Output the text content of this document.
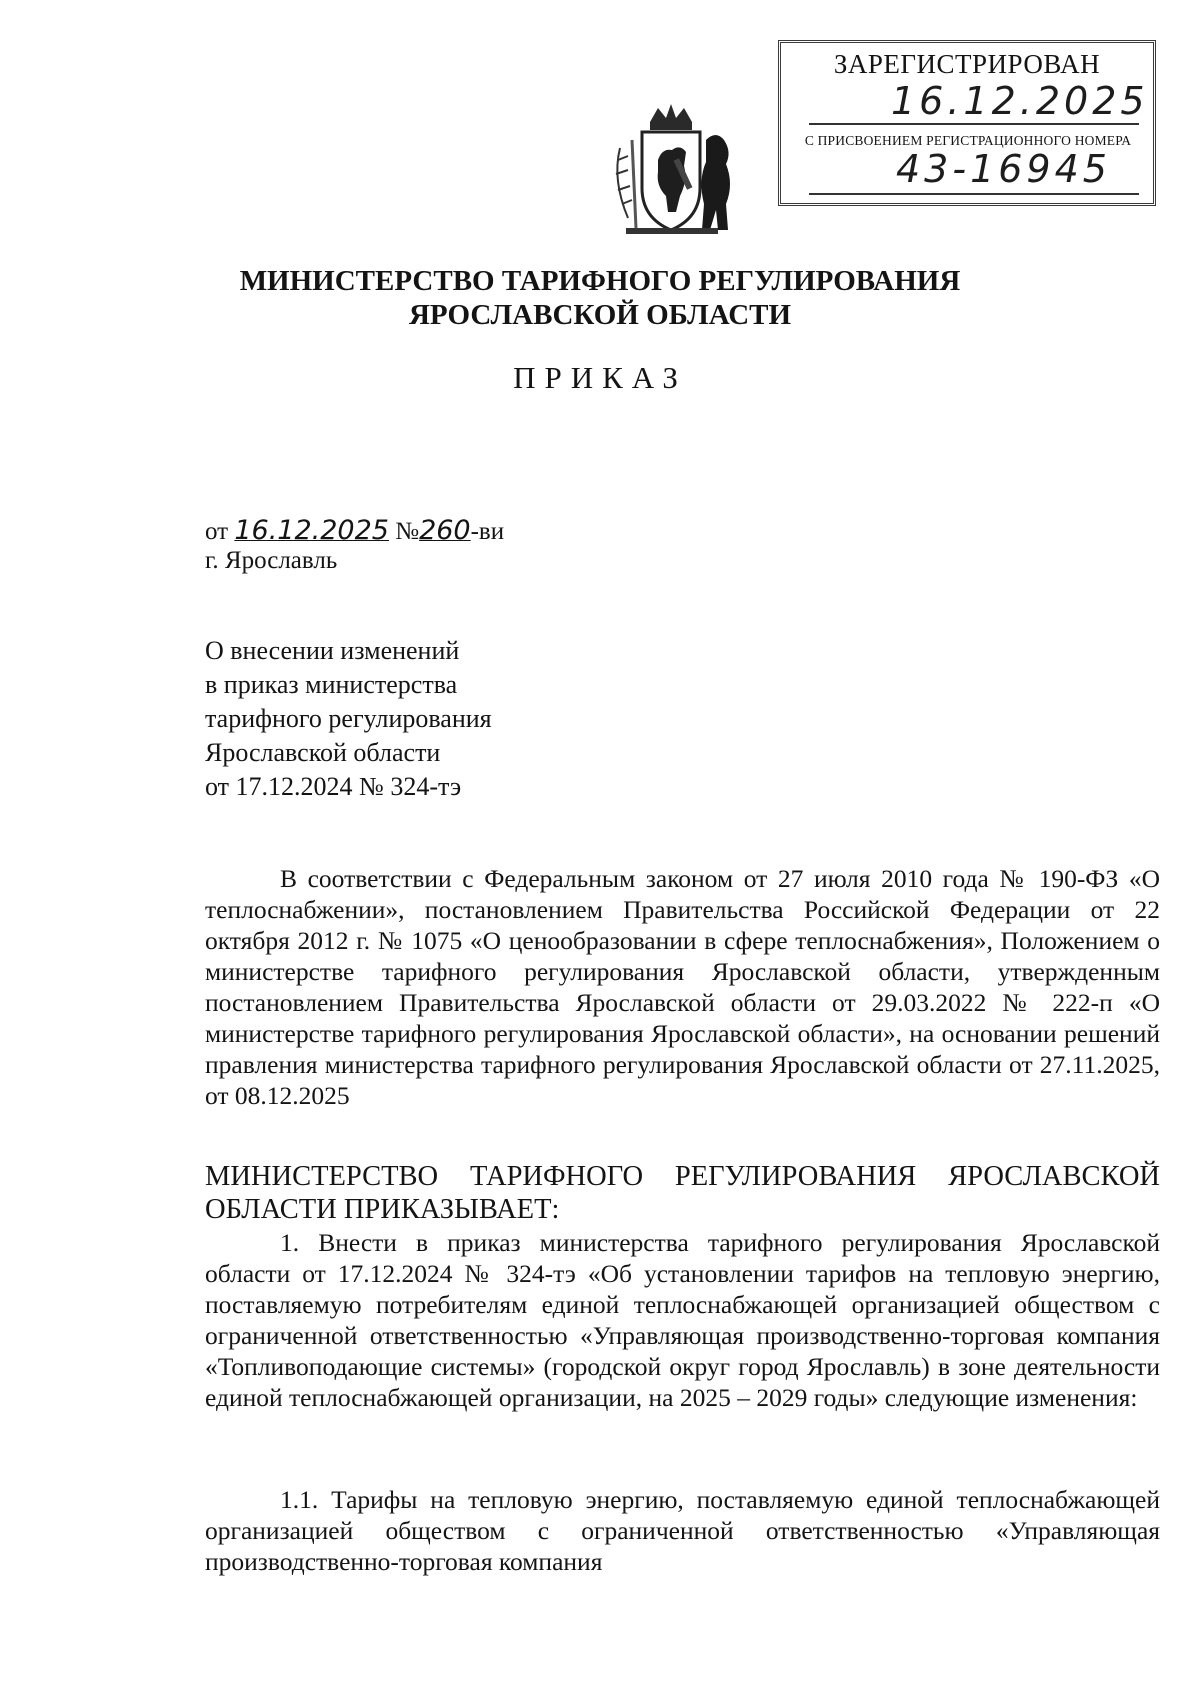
ЗАРЕГИСТРИРОВАН
16.12.2025
С ПРИСВОЕНИЕМ РЕГИСТРАЦИОННОГО НОМЕРА
43-16945
МИНИСТЕРСТВО ТАРИФНОГО РЕГУЛИРОВАНИЯ
ЯРОСЛАВСКОЙ ОБЛАСТИ
ПРИКАЗ
от 16.12.2025 №260-ви
г. Ярославль
О внесении изменений
в приказ министерства
тарифного регулирования
Ярославской области
от 17.12.2024 № 324-тэ
В соответствии с Федеральным законом от 27 июля 2010 года № 190-ФЗ «О теплоснабжении», постановлением Правительства Российской Федерации от 22 октября 2012 г. № 1075 «О ценообразовании в сфере теплоснабжения», Положением о министерстве тарифного регулирования Ярославской области, утвержденным постановлением Правительства Ярославской области от 29.03.2022 № 222-п «О министерстве тарифного регулирования Ярославской области», на основании решений правления министерства тарифного регулирования Ярославской области от 27.11.2025, от 08.12.2025
МИНИСТЕРСТВО ТАРИФНОГО РЕГУЛИРОВАНИЯ ЯРОСЛАВСКОЙ ОБЛАСТИ ПРИКАЗЫВАЕТ:
1. Внести в приказ министерства тарифного регулирования Ярославской области от 17.12.2024 № 324-тэ «Об установлении тарифов на тепловую энергию, поставляемую потребителям единой теплоснабжающей организацией обществом с ограниченной ответственностью «Управляющая производственно-торговая компания «Топливоподающие системы» (городской округ город Ярославль) в зоне деятельности единой теплоснабжающей организации, на 2025 – 2029 годы» следующие изменения:
1.1. Тарифы на тепловую энергию, поставляемую единой теплоснабжающей организацией обществом с ограниченной ответственностью «Управляющая производственно-торговая компания
